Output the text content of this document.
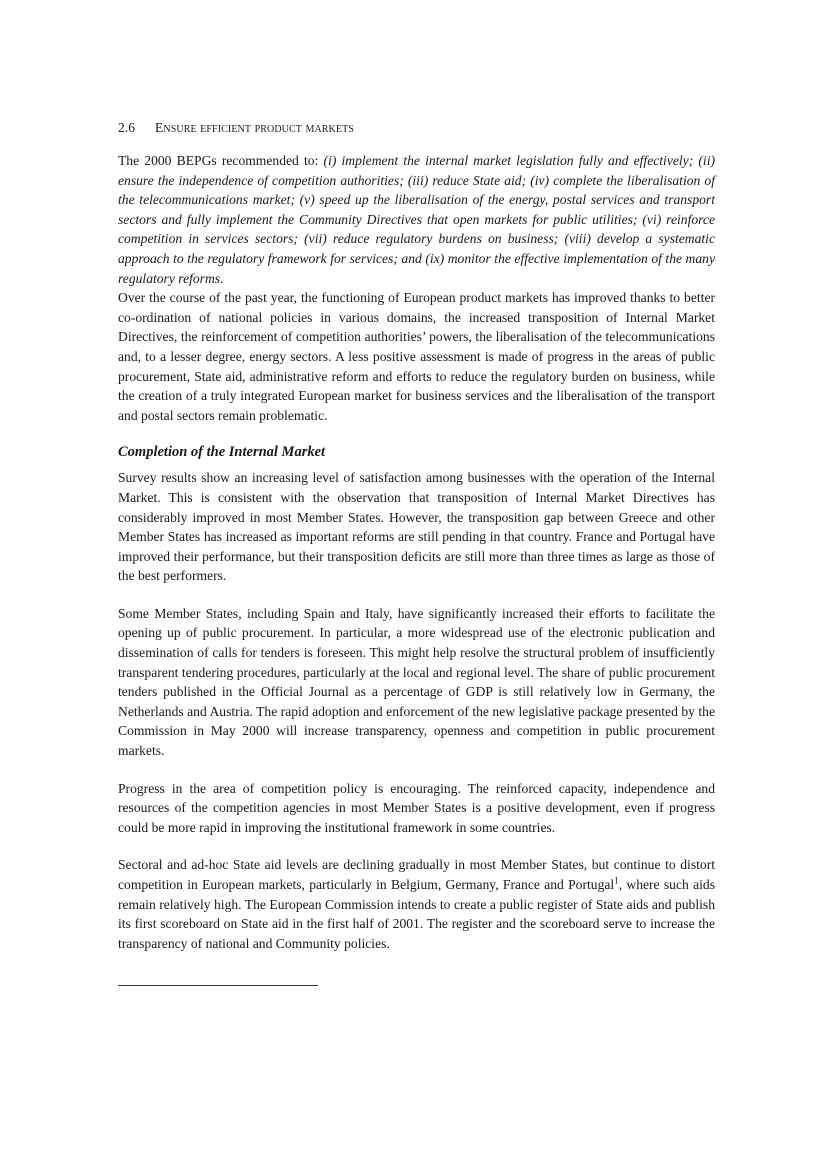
2.6 Ensure efficient product markets

The 2000 BEPGs recommended to: (i) implement the internal market legislation fully and effectively; (ii) ensure the independence of competition authorities; (iii) reduce State aid; (iv) complete the liberalisation of the telecommunications market; (v) speed up the liberalisation of the energy, postal services and transport sectors and fully implement the Community Directives that open markets for public utilities; (vi) reinforce competition in services sectors; (vii) reduce regulatory burdens on business; (viii) develop a systematic approach to the regulatory framework for services; and (ix) monitor the effective implementation of the many regulatory reforms.

Over the course of the past year, the functioning of European product markets has improved thanks to better co-ordination of national policies in various domains, the increased transposition of Internal Market Directives, the reinforcement of competition authorities’ powers, the liberalisation of the telecommunications and, to a lesser degree, energy sectors. A less positive assessment is made of progress in the areas of public procurement, State aid, administrative reform and efforts to reduce the regulatory burden on business, while the creation of a truly integrated European market for business services and the liberalisation of the transport and postal sectors remain problematic.

Completion of the Internal Market

Survey results show an increasing level of satisfaction among businesses with the operation of the Internal Market. This is consistent with the observation that transposition of Internal Market Directives has considerably improved in most Member States. However, the transposition gap between Greece and other Member States has increased as important reforms are still pending in that country. France and Portugal have improved their performance, but their transposition deficits are still more than three times as large as those of the best performers.

Some Member States, including Spain and Italy, have significantly increased their efforts to facilitate the opening up of public procurement. In particular, a more widespread use of the electronic publication and dissemination of calls for tenders is foreseen. This might help resolve the structural problem of insufficiently transparent tendering procedures, particularly at the local and regional level. The share of public procurement tenders published in the Official Journal as a percentage of GDP is still relatively low in Germany, the Netherlands and Austria. The rapid adoption and enforcement of the new legislative package presented by the Commission in May 2000 will increase transparency, openness and competition in public procurement markets.

Progress in the area of competition policy is encouraging. The reinforced capacity, independence and resources of the competition agencies in most Member States is a positive development, even if progress could be more rapid in improving the institutional framework in some countries.

Sectoral and ad-hoc State aid levels are declining gradually in most Member States, but continue to distort competition in European markets, particularly in Belgium, Germany, France and Portugal$^1$, where such aids remain relatively high. The European Commission intends to create a public register of State aids and publish its first scoreboard on State aid in the first half of 2001. The register and the scoreboard serve to increase the transparency of national and Community policies.
